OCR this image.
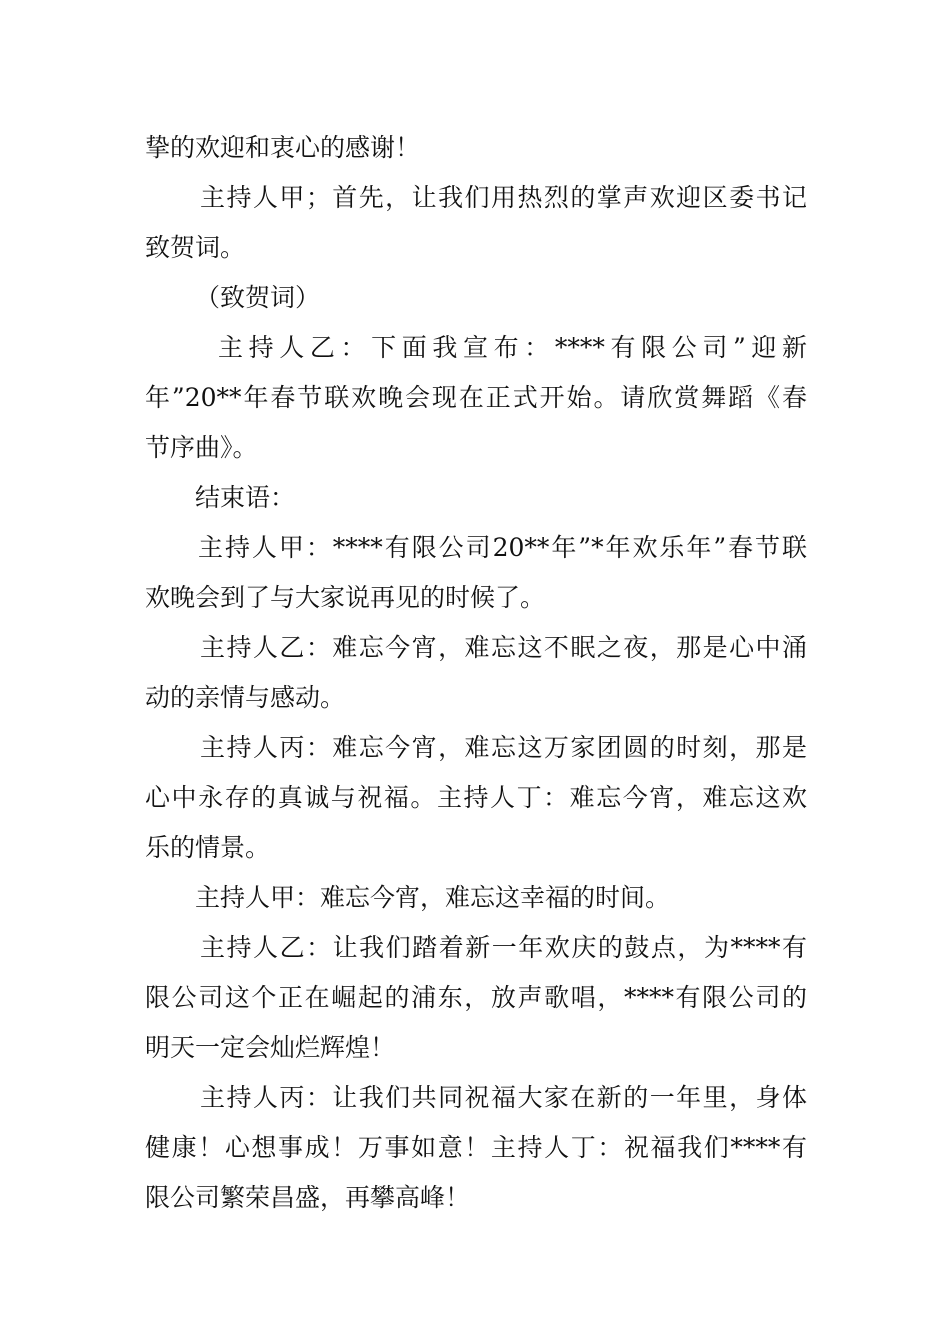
挚的欢迎和衷心的感谢！

主持人甲；首先，让我们用热烈的掌声欢迎区委书记

致贺词。

（致贺词）

主持人乙：下面我宣布：****有限公司”迎新

年”20**年春节联欢晚会现在正式开始。请欣赏舞蹈《春

节序曲》。

结束语：

主持人甲：****有限公司20**年”*年欢乐年”春节联

欢晚会到了与大家说再见的时候了。

主持人乙：难忘今宵，难忘这不眠之夜，那是心中涌

动的亲情与感动。

主持人丙：难忘今宵，难忘这万家团圆的时刻，那是

心中永存的真诚与祝福。主持人丁：难忘今宵，难忘这欢

乐的情景。

主持人甲：难忘今宵，难忘这幸福的时间。

主持人乙：让我们踏着新一年欢庆的鼓点，为****有

限公司这个正在崛起的浦东，放声歌唱，****有限公司的

明天一定会灿烂辉煌！

主持人丙：让我们共同祝福大家在新的一年里，身体

健康！心想事成！万事如意！主持人丁：祝福我们****有

限公司繁荣昌盛，再攀高峰！
